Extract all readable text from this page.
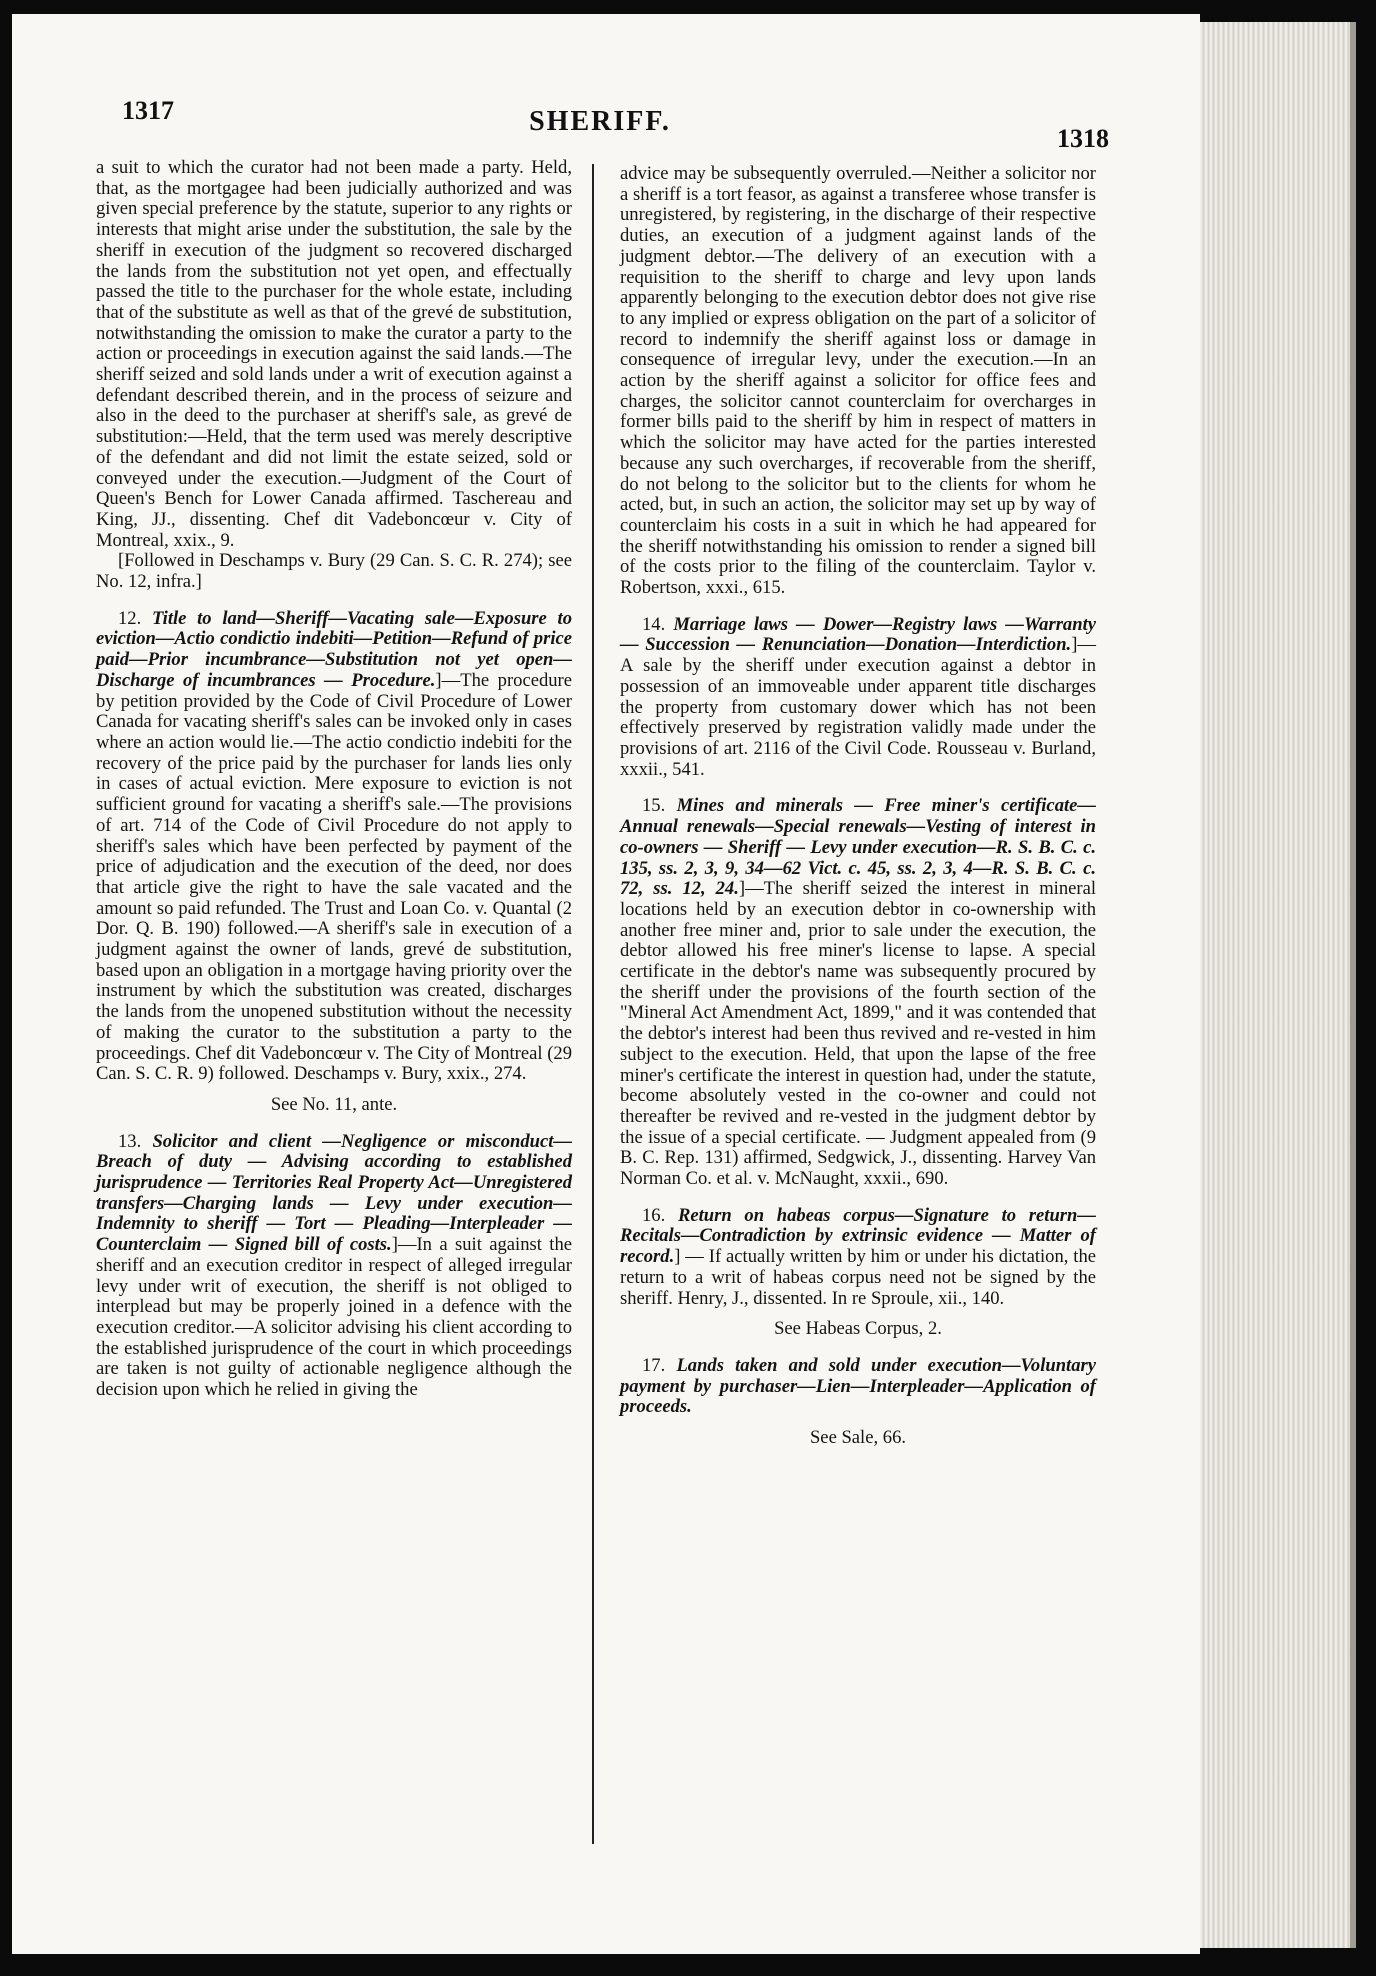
1317	SHERIFF.
1318

a suit to which the curator had not been made a party. Held, that, as the mortgagee had been judicially authorized and was given special preference by the statute, superior to any rights or interests that might arise under the substitution, the sale by the sheriff in execution of the judgment so recovered discharged the lands from the substitution not yet open, and effectually passed the title to the purchaser for the whole estate, including that of the substitute as well as that of the grevé de substitution, notwithstanding the omission to make the curator a party to the action or proceedings in execution against the said lands.—The sheriff seized and sold lands under a writ of execution against a defendant described therein, and in the process of seizure and also in the deed to the purchaser at sheriff's sale, as grevé de substitution:—Held, that the term used was merely descriptive of the defendant and did not limit the estate seized, sold or conveyed under the execution.—Judgment of the Court of Queen's Bench for Lower Canada affirmed. Taschereau and King, JJ., dissenting. Chef dit Vadeboncœur v. City of Montreal, xxix., 9.

[Followed in Deschamps v. Bury (29 Can. S. C. R. 274); see No. 12, infra.]

12. Title to land—Sheriff—Vacating sale—Exposure to eviction—Actio condictio indebiti—Petition—Refund of price paid—Prior incumbrance—Substitution not yet open—Discharge of incumbrances — Procedure.]—The procedure by petition provided by the Code of Civil Procedure of Lower Canada for vacating sheriff's sales can be invoked only in cases where an action would lie.—The actio condictio indebiti for the recovery of the price paid by the purchaser for lands lies only in cases of actual eviction. Mere exposure to eviction is not sufficient ground for vacating a sheriff's sale.—The provisions of art. 714 of the Code of Civil Procedure do not apply to sheriff's sales which have been perfected by payment of the price of adjudication and the execution of the deed, nor does that article give the right to have the sale vacated and the amount so paid refunded. The Trust and Loan Co. v. Quantal (2 Dor. Q. B. 190) followed.—A sheriff's sale in execution of a judgment against the owner of lands, grevé de substitution, based upon an obligation in a mortgage having priority over the instrument by which the substitution was created, discharges the lands from the unopened substitution without the necessity of making the curator to the substitution a party to the proceedings. Chef dit Vadeboncœur v. The City of Montreal (29 Can. S. C. R. 9) followed. Deschamps v. Bury, xxix., 274.

See No. 11, ante.

13. Solicitor and client —Negligence or misconduct—Breach of duty — Advising according to established jurisprudence — Territories Real Property Act—Unregistered transfers—Charging lands — Levy under execution—Indemnity to sheriff — Tort — Pleading—Interpleader — Counterclaim — Signed bill of costs.]—In a suit against the sheriff and an execution creditor in respect of alleged irregular levy under writ of execution, the sheriff is not obliged to interplead but may be properly joined in a defence with the execution creditor.—A solicitor advising his client according to the established jurisprudence of the court in which proceedings are taken is not guilty of actionable negligence although the decision upon which he relied in giving the

advice may be subsequently overruled.—Neither a solicitor nor a sheriff is a tort feasor, as against a transferee whose transfer is unregistered, by registering, in the discharge of their respective duties, an execution of a judgment against lands of the judgment debtor.—The delivery of an execution with a requisition to the sheriff to charge and levy upon lands apparently belonging to the execution debtor does not give rise to any implied or express obligation on the part of a solicitor of record to indemnify the sheriff against loss or damage in consequence of irregular levy, under the execution.—In an action by the sheriff against a solicitor for office fees and charges, the solicitor cannot counterclaim for overcharges in former bills paid to the sheriff by him in respect of matters in which the solicitor may have acted for the parties interested because any such overcharges, if recoverable from the sheriff, do not belong to the solicitor but to the clients for whom he acted, but, in such an action, the solicitor may set up by way of counterclaim his costs in a suit in which he had appeared for the sheriff notwithstanding his omission to render a signed bill of the costs prior to the filing of the counterclaim. Taylor v. Robertson, xxxi., 615.

14. Marriage laws — Dower—Registry laws —Warranty — Succession — Renunciation—Donation—Interdiction.]—A sale by the sheriff under execution against a debtor in possession of an immoveable under apparent title discharges the property from customary dower which has not been effectively preserved by registration validly made under the provisions of art. 2116 of the Civil Code. Rousseau v. Burland, xxxii., 541.

15. Mines and minerals — Free miner's certificate—Annual renewals—Special renewals—Vesting of interest in co-owners — Sheriff — Levy under execution—R. S. B. C. c. 135, ss. 2, 3, 9, 34—62 Vict. c. 45, ss. 2, 3, 4—R. S. B. C. c. 72, ss. 12, 24.]—The sheriff seized the interest in mineral locations held by an execution debtor in co-ownership with another free miner and, prior to sale under the execution, the debtor allowed his free miner's license to lapse. A special certificate in the debtor's name was subsequently procured by the sheriff under the provisions of the fourth section of the "Mineral Act Amendment Act, 1899," and it was contended that the debtor's interest had been thus revived and re-vested in him subject to the execution. Held, that upon the lapse of the free miner's certificate the interest in question had, under the statute, become absolutely vested in the co-owner and could not thereafter be revived and re-vested in the judgment debtor by the issue of a special certificate. — Judgment appealed from (9 B. C. Rep. 131) affirmed, Sedgwick, J., dissenting. Harvey Van Norman Co. et al. v. McNaught, xxxii., 690.

16. Return on habeas corpus—Signature to return—Recitals—Contradiction by extrinsic evidence — Matter of record.] — If actually written by him or under his dictation, the return to a writ of habeas corpus need not be signed by the sheriff. Henry, J., dissented. In re Sproule, xii., 140.

See Habeas Corpus, 2.

17. Lands taken and sold under execution—Voluntary payment by purchaser—Lien—Interpleader—Application of proceeds.

See Sale, 66.
